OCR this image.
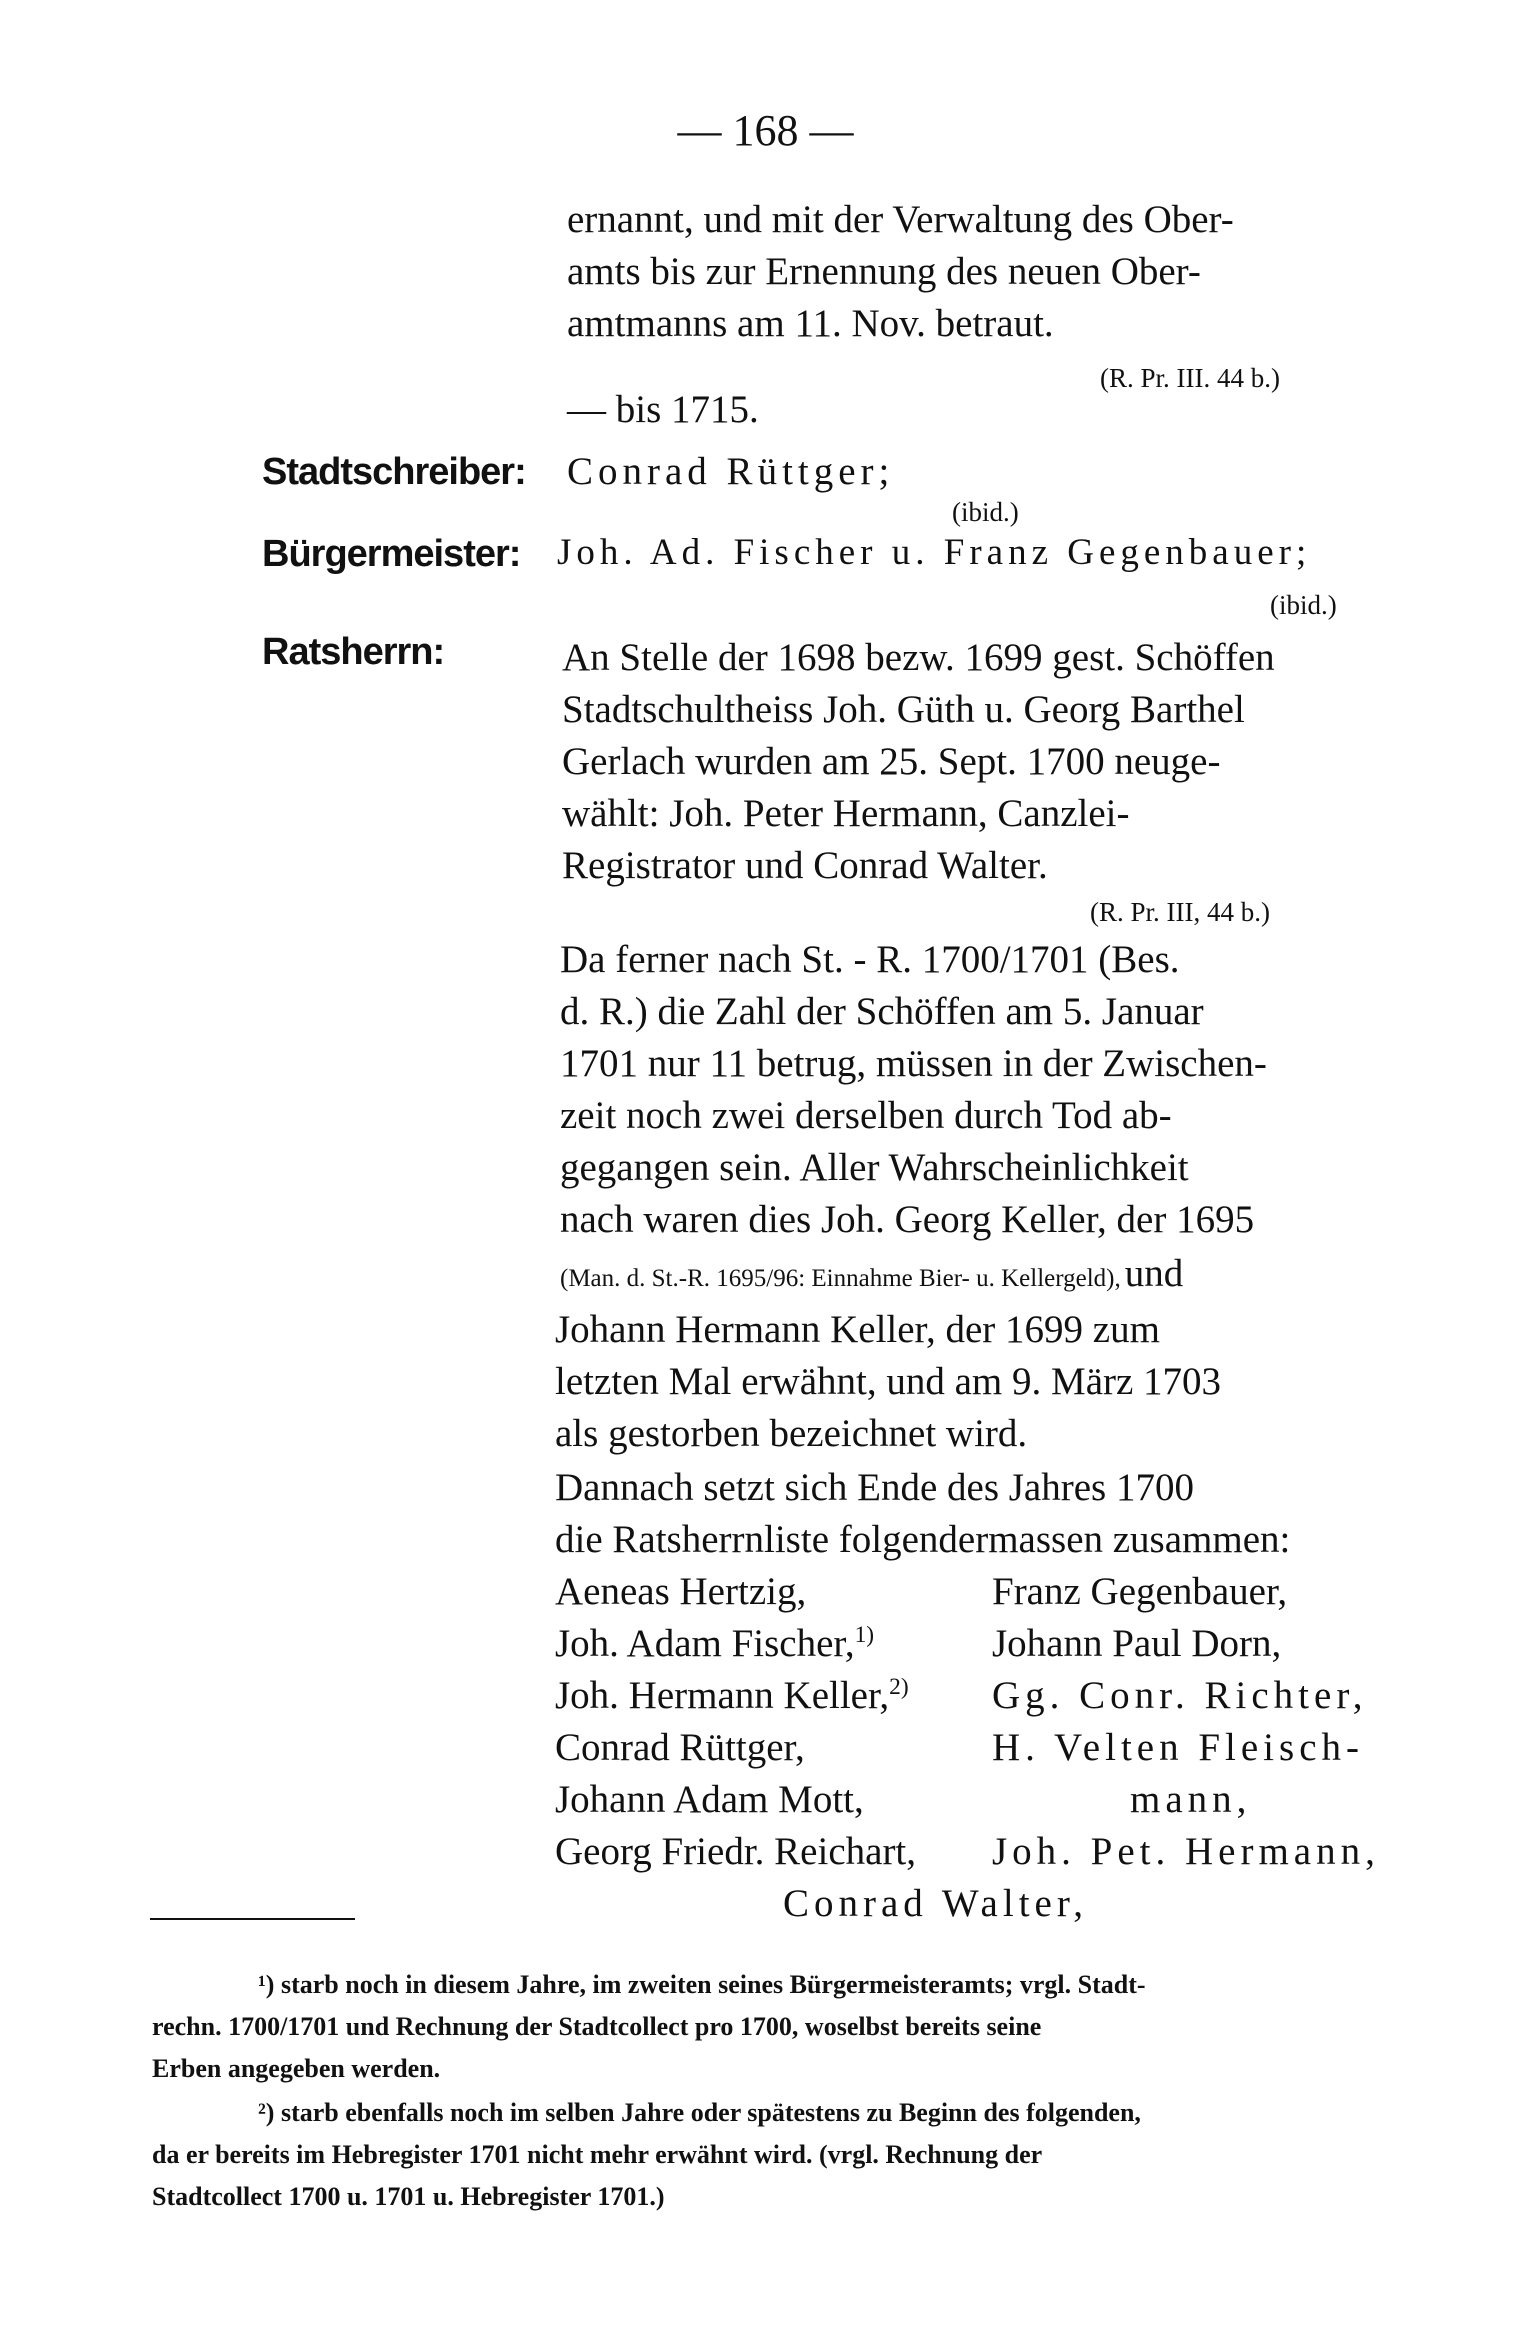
— 168 —
ernannt, und mit der Verwaltung des Ober-
amts bis zur Ernennung des neuen Ober-
amtmanns am 11. Nov. betraut.
(R. Pr. III. 44 b.)
— bis 1715.
Stadtschreiber: Conrad Rüttger;
(ibid.)
Bürgermeister: Joh. Ad. Fischer u. Franz Gegenbauer;
(ibid.)
Ratsherrn:	An Stelle der 1698 bezw. 1699 gest. Schöffen
Stadtschultheiss Joh. Güth u. Georg Barthel
Gerlach wurden am 25. Sept. 1700 neuge-
wählt: Joh. Peter Hermann, Canzlei-
Registrator und Conrad Walter.
(R. Pr. III, 44 b.)
Da ferner nach St. - R. 1700/1701 (Bes.
d. R.) die Zahl der Schöffen am 5. Januar
1701 nur 11 betrug, müssen in der Zwischen-
zeit noch zwei derselben durch Tod ab-
gegangen sein. Aller Wahrscheinlichkeit
nach waren dies Joh. Georg Keller, der 1695
(Man. d. St.-R. 1695/96: Einnahme Bier- u. Kellergeld), und
Johann Hermann Keller, der 1699 zum
letzten Mal erwähnt, und am 9. März 1703
als gestorben bezeichnet wird.
Dannach setzt sich Ende des Jahres 1700
die Ratsherrnliste folgendermassen zusammen:
Aeneas Hertzig,
Joh. Adam Fischer,$^{1)}$
Joh. Hermann Keller,$^{2)}$
Conrad Rüttger,
Johann Adam Mott,
Georg Friedr. Reichart,
Franz Gegenbauer,
Johann Paul Dorn,
Gg. Conr. Richter,
H. Velten Fleisch-
mann,
Joh. Pet. Hermann,
Conrad Walter,
¹) starb noch in diesem Jahre, im zweiten seines Bürgermeisteramts; vrgl. Stadt-
rechn. 1700/1701 und Rechnung der Stadtcollect pro 1700, woselbst bereits seine
Erben angegeben werden.
²) starb ebenfalls noch im selben Jahre oder spätestens zu Beginn des folgenden,
da er bereits im Hebregister 1701 nicht mehr erwähnt wird. (vrgl. Rechnung der
Stadtcollect 1700 u. 1701 u. Hebregister 1701.)
